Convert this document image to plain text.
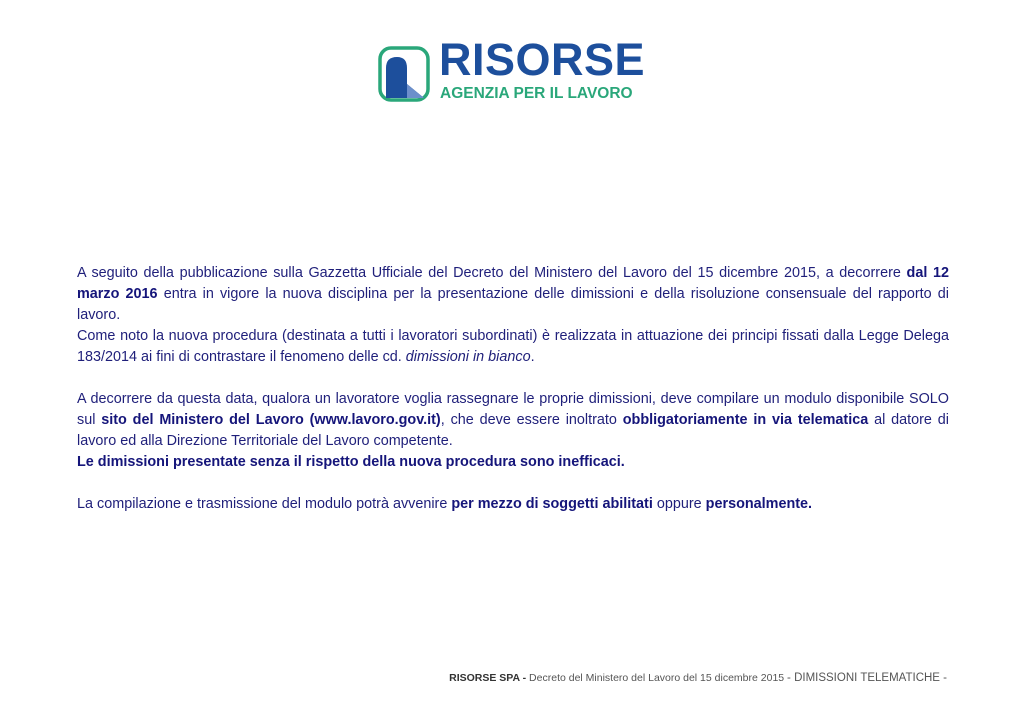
RISORSE
AGENZIA PER IL LAVORO

A seguito della pubblicazione sulla Gazzetta Ufficiale del Decreto del Ministero del Lavoro del 15 dicembre 2015, a decorrere dal 12 marzo 2016 entra in vigore la nuova disciplina per la presentazione delle dimissioni e della risoluzione consensuale del rapporto di lavoro.

Come noto la nuova procedura (destinata a tutti i lavoratori subordinati) è realizzata in attuazione dei principi fissati dalla Legge Delega 183/2014 ai fini di contrastare il fenomeno delle cd. dimissioni in bianco.

A decorrere da questa data, qualora un lavoratore voglia rassegnare le proprie dimissioni, deve compilare un modulo disponibile SOLO sul sito del Ministero del Lavoro (www.lavoro.gov.it), che deve essere inoltrato obbligatoriamente in via telematica al datore di lavoro ed alla Direzione Territoriale del Lavoro competente.

Le dimissioni presentate senza il rispetto della nuova procedura sono inefficaci.

La compilazione e trasmissione del modulo potrà avvenire per mezzo di soggetti abilitati oppure personalmente.

RISORSE SPA - Decreto del Ministero del Lavoro del 15 dicembre 2015 - DIMISSIONI TELEMATICHE -
